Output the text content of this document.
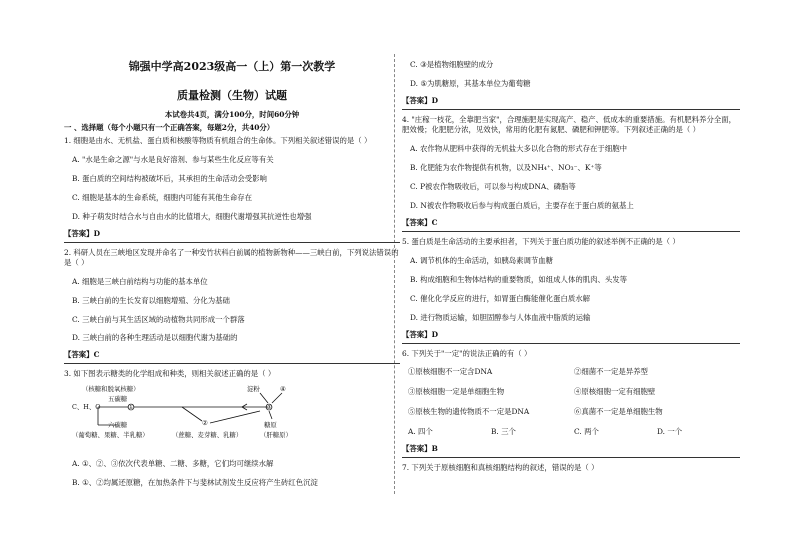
锦强中学高2023级高一（上）第一次教学
质量检测（生物）试题
本试卷共4页，满分100分，时间60分钟
一 、选择题（每个小题只有一个正确答案，每题2分，共40分）
1. 细胞是由水、无机盐、蛋白质和核酸等物质有机组合的生命体。下列相关叙述错误的是（ ）
A. "水是生命之源"与水是良好溶剂、参与某些生化反应等有关
B. 蛋白质的空间结构被破坏后，其承担的生命活动会受影响
C. 细胞是基本的生命系统，细胞内可能有其他生命存在
D. 种子萌发时结合水与自由水的比值增大，细胞代谢增强其抗逆性也增强
【答案】D
2. 科研人员在三峡地区发现并命名了一种安竹状科白前属的植物新物种——三峡白前，下列说法错误的是（ ）
A. 细胞是三峡白前结构与功能的基本单位
B. 三峡白前的生长发育以细胞增殖、分化为基础
C. 三峡白前与其生活区域的动植物共同形成一个群落
D. 三峡白前的各种生理活动是以细胞代谢为基础的
【答案】C
3. 如下图表示糖类的化学组成和种类，则相关叙述正确的是（ ）
（核糖和脱氧核糖）
五碳糖
①
C、H、O
六碳糖
（葡萄糖、果糖、半乳糖）
②
（蔗糖、麦芽糖、乳糖）
淀粉	④
③
糖原
（肝糖原）
A. ①、②、③依次代表单糖、二糖、多糖，它们均可继续水解
B. ①、②均属还原糖，在加热条件下与斐林试剂发生反应将产生砖红色沉淀
C. ③是植物细胞壁的成分
D. ⑤为肌糖原，其基本单位为葡萄糖
【答案】D
4. "庄稼一枝花，全靠肥当家"，合理施肥是实现高产、稳产、低成本的重要措施。有机肥料养分全面，肥效慢；化肥肥分浓，见效快，常用的化肥有氮肥、磷肥和钾肥等。下列叙述正确的是（ ）
A. 农作物从肥料中获得的无机盐大多以化合物的形式存在于细胞中
B. 化肥能为农作物提供有机物，以及NH₄⁺、NO₃⁻、K⁺等
C. P被农作物吸收后，可以参与构成DNA、磷脂等
D. N被农作物吸收后参与构成蛋白质后，主要存在于蛋白质的氨基上
【答案】C
5. 蛋白质是生命活动的主要承担者，下列关于蛋白质功能的叙述举例不正确的是（ ）
A. 调节机体的生命活动，如胰岛素调节血糖
B. 构成细胞和生物体结构的重要物质，如组成人体的肌肉、头发等
C. 催化化学反应的进行，如胃蛋白酶能催化蛋白质水解
D. 进行物质运输，如胆固醇参与人体血液中脂质的运输
【答案】D
6. 下列关于"一定"的说法正确的有（ ）
①原核细胞不一定含DNA	②细菌不一定是异养型
③原核细胞一定是单细胞生物	④原核细胞一定有细胞壁
⑤原核生物的遗传物质不一定是DNA	⑥真菌不一定是单细胞生物
A. 四个	B. 三个	C. 两个	D. 一个
【答案】B
7. 下列关于原核细胞和真核细胞结构的叙述，错误的是（ ）
